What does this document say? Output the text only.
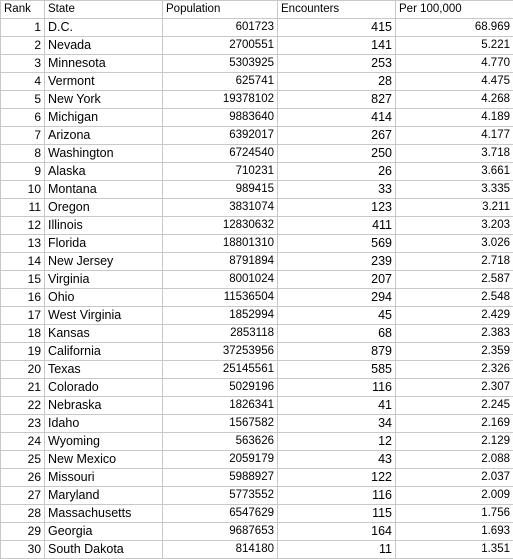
Rank	State	Population	Encounters	Per 100,000
1	D.C.	601723	415	68.969
2	Nevada	2700551	141	5.221
3	Minnesota	5303925	253	4.770
4	Vermont	625741	28	4.475
5	New York	19378102	827	4.268
6	Michigan	9883640	414	4.189
7	Arizona	6392017	267	4.177
8	Washington	6724540	250	3.718
9	Alaska	710231	26	3.661
10	Montana	989415	33	3.335
11	Oregon	3831074	123	3.211
12	Illinois	12830632	411	3.203
13	Florida	18801310	569	3.026
14	New Jersey	8791894	239	2.718
15	Virginia	8001024	207	2.587
16	Ohio	11536504	294	2.548
17	West Virginia	1852994	45	2.429
18	Kansas	2853118	68	2.383
19	California	37253956	879	2.359
20	Texas	25145561	585	2.326
21	Colorado	5029196	116	2.307
22	Nebraska	1826341	41	2.245
23	Idaho	1567582	34	2.169
24	Wyoming	563626	12	2.129
25	New Mexico	2059179	43	2.088
26	Missouri	5988927	122	2.037
27	Maryland	5773552	116	2.009
28	Massachusetts	6547629	115	1.756
29	Georgia	9687653	164	1.693
30	South Dakota	814180	11	1.351
